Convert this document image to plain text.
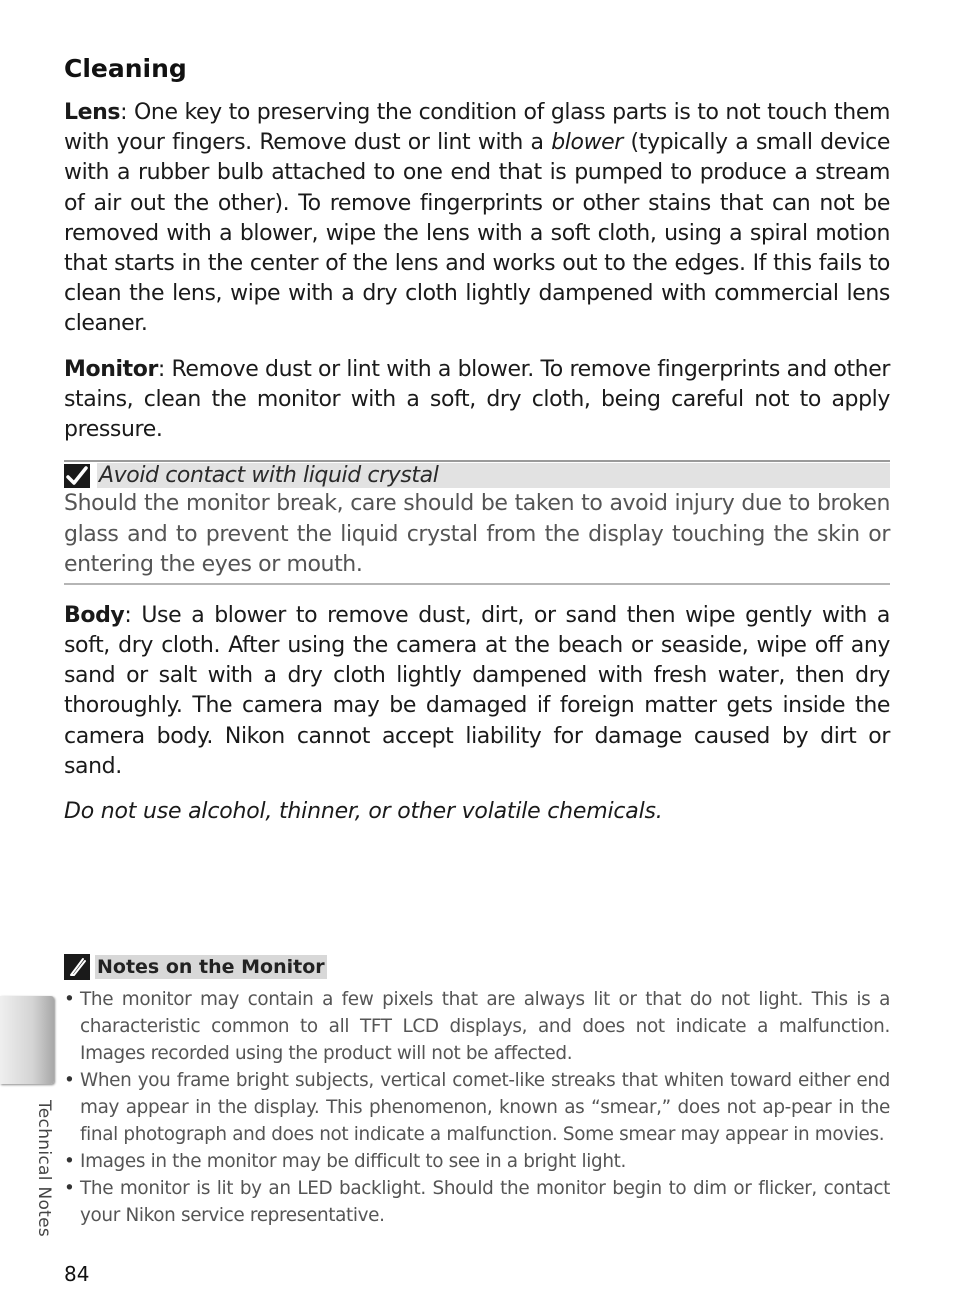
Cleaning

Lens: One key to preserving the condition of glass parts is to not touch them with your fingers. Remove dust or lint with a blower (typically a small device with a rubber bulb attached to one end that is pumped to produce a stream of air out the other). To remove fingerprints or other stains that can not be removed with a blower, wipe the lens with a soft cloth, using a spiral motion that starts in the center of the lens and works out to the edges. If this fails to clean the lens, wipe with a dry cloth lightly dampened with commercial lens cleaner.

Monitor: Remove dust or lint with a blower. To remove fingerprints and other stains, clean the monitor with a soft, dry cloth, being careful not to apply pressure.

Avoid contact with liquid crystal
Should the monitor break, care should be taken to avoid injury due to broken glass and to prevent the liquid crystal from the display touching the skin or entering the eyes or mouth.

Body: Use a blower to remove dust, dirt, or sand then wipe gently with a soft, dry cloth. After using the camera at the beach or seaside, wipe off any sand or salt with a dry cloth lightly dampened with fresh water, then dry thoroughly. The camera may be damaged if foreign matter gets inside the camera body. Nikon cannot accept liability for damage caused by dirt or sand.

Do not use alcohol, thinner, or other volatile chemicals.

Notes on the Monitor
• The monitor may contain a few pixels that are always lit or that do not light. This is a characteristic common to all TFT LCD displays, and does not indicate a malfunction. Images recorded using the product will not be affected.
• When you frame bright subjects, vertical comet-like streaks that whiten toward either end may appear in the display. This phenomenon, known as “smear,” does not ap-pear in the final photograph and does not indicate a malfunction. Some smear may appear in movies.
• Images in the monitor may be difficult to see in a bright light.
• The monitor is lit by an LED backlight. Should the monitor begin to dim or flicker, contact your Nikon service representative.
Technical Notes
84
